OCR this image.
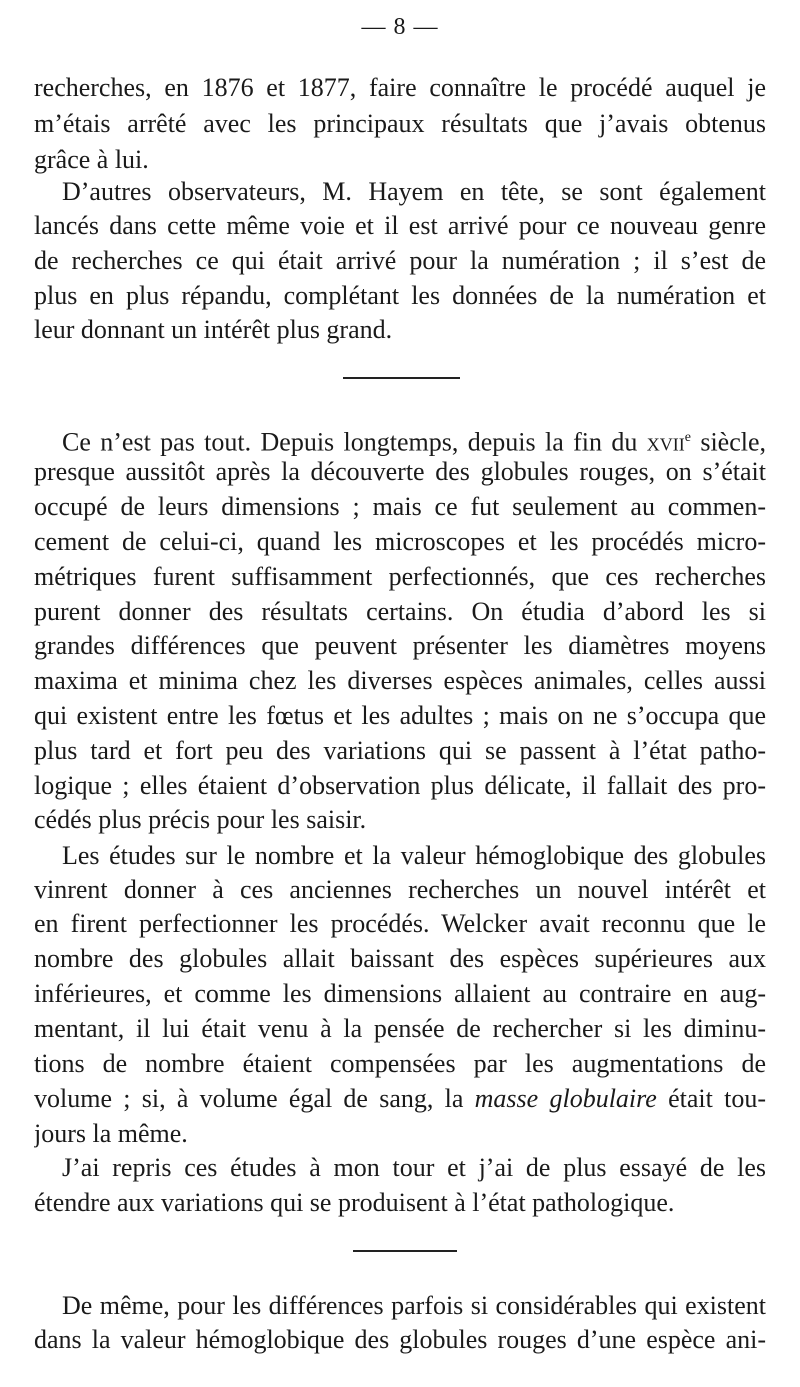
— 8 —
recherches, en 1876 et 1877, faire connaître le procédé auquel je
m’étais arrêté avec les principaux résultats que j’avais obtenus
grâce à lui.
D’autres observateurs, M. Hayem en tête, se sont également
lancés dans cette même voie et il est arrivé pour ce nouveau genre
de recherches ce qui était arrivé pour la numération ; il s’est de
plus en plus répandu, complétant les données de la numération et
leur donnant un intérêt plus grand.
Ce n’est pas tout. Depuis longtemps, depuis la fin du xvii$^e$ siècle,
presque aussitôt après la découverte des globules rouges, on s’était
occupé de leurs dimensions ; mais ce fut seulement au commen-
cement de celui-ci, quand les microscopes et les procédés micro-
métriques furent suffisamment perfectionnés, que ces recherches
purent donner des résultats certains. On étudia d’abord les si
grandes différences que peuvent présenter les diamètres moyens
maxima et minima chez les diverses espèces animales, celles aussi
qui existent entre les fœtus et les adultes ; mais on ne s’occupa que
plus tard et fort peu des variations qui se passent à l’état patho-
logique ; elles étaient d’observation plus délicate, il fallait des pro-
cédés plus précis pour les saisir.
Les études sur le nombre et la valeur hémoglobique des globules
vinrent donner à ces anciennes recherches un nouvel intérêt et
en firent perfectionner les procédés. Welcker avait reconnu que le
nombre des globules allait baissant des espèces supérieures aux
inférieures, et comme les dimensions allaient au contraire en aug-
mentant, il lui était venu à la pensée de rechercher si les diminu-
tions de nombre étaient compensées par les augmentations de
volume ; si, à volume égal de sang, la masse globulaire était tou-
jours la même.
J’ai repris ces études à mon tour et j’ai de plus essayé de les
étendre aux variations qui se produisent à l’état pathologique.
De même, pour les différences parfois si considérables qui existent
dans la valeur hémoglobique des globules rouges d’une espèce ani-
